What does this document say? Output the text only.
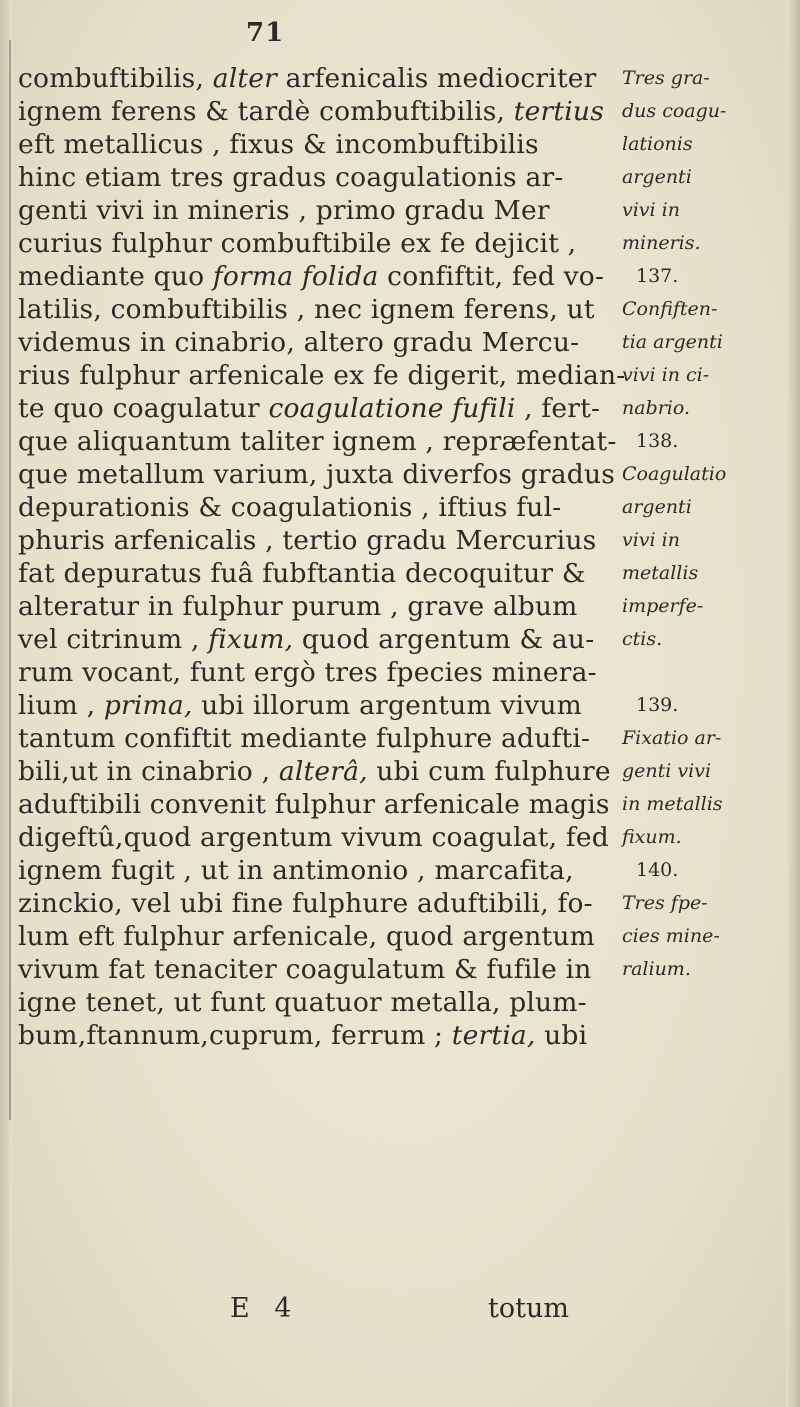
71
combuftibilis, alter arfenicalis mediocriter
ignem ferens & tardè combuftibilis, tertius
eft metallicus , fixus & incombuftibilis
hinc etiam tres gradus coagulationis ar-
genti vivi in mineris , primo gradu Mer
curius fulphur combuftibile ex fe dejicit ,
mediante quo forma folida confiftit, fed vo-
latilis, combuftibilis , nec ignem ferens, ut
videmus in cinabrio, altero gradu Mercu-
rius fulphur arfenicale ex fe digerit, median-
te quo coagulatur coagulatione fufili , fert-
que aliquantum taliter ignem , repræfentat-
que metallum varium, juxta diverfos gradus
depurationis & coagulationis , iftius ful-
phuris arfenicalis , tertio gradu Mercurius
fat depuratus fuâ fubftantia decoquitur &
alteratur in fulphur purum , grave album
vel citrinum , fixum, quod argentum & au-
rum vocant, funt ergò tres fpecies minera-
lium , prima, ubi illorum argentum vivum
tantum confiftit mediante fulphure adufti-
bili,ut in cinabrio , alterâ, ubi cum fulphure
aduftibili convenit fulphur arfenicale magis
digeftû,quod argentum vivum coagulat, fed
ignem fugit , ut in antimonio , marcafita,
zinckio, vel ubi fine fulphure aduftibili, fo-
lum eft fulphur arfenicale, quod argentum
vivum fat tenaciter coagulatum & fufile in
igne tenet, ut funt quatuor metalla, plum-
bum,ftannum,cuprum, ferrum ; tertia, ubi
Tres gra-
dus coagu-
lationis
argenti
vivi in
mineris.
137.
Confiften-
tia argenti
vivi in ci-
nabrio.
138.
Coagulatio
argenti
vivi in
metallis
imperfe-
ctis.
139.
Fixatio ar-
genti vivi
in metallis
fixum.
140.
Tres fpe-
cies mine-
ralium.
E 4	totum
